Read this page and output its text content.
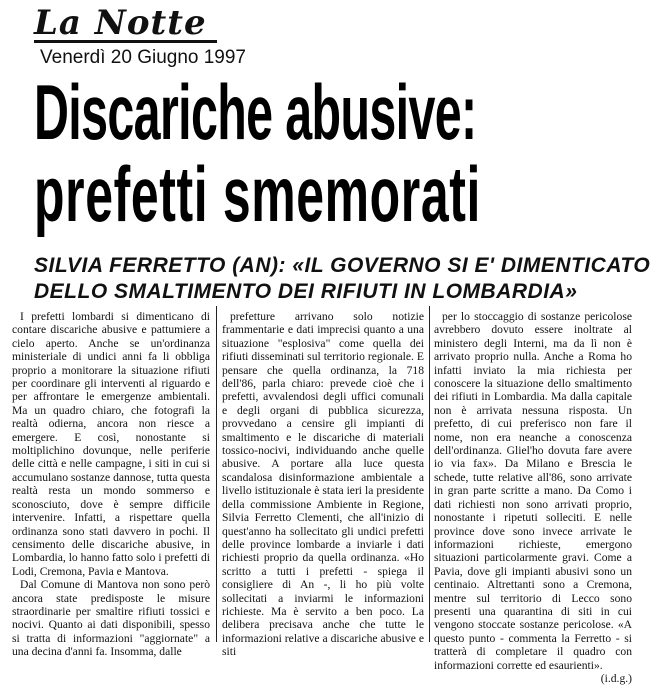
La Notte
Venerdì 20 Giugno 1997
Discariche abusive:
prefetti smemorati
SILVIA FERRETTO (AN): «IL GOVERNO SI E' DIMENTICATO
DELLO SMALTIMENTO DEI RIFIUTI IN LOMBARDIA»

I prefetti lombardi si dimenticano di contare discariche abusive e pattumiere a cielo aperto. Anche se un'ordinanza ministeriale di undici anni fa li obbliga proprio a monitorare la situazione rifiuti per coordinare gli interventi al riguardo e per affrontare le emergenze ambientali. Ma un quadro chiaro, che fotografi la realtà odierna, ancora non riesce a emergere. E così, nonostante si moltiplichino dovunque, nelle periferie delle città e nelle campagne, i siti in cui si accumulano sostanze dannose, tutta questa realtà resta un mondo sommerso e sconosciuto, dove è sempre difficile intervenire. Infatti, a rispettare quella ordinanza sono stati davvero in pochi. Il censimento delle discariche abusive, in Lombardia, lo hanno fatto solo i prefetti di Lodi, Cremona, Pavia e Mantova.

Dal Comune di Mantova non sono però ancora state predisposte le misure straordinarie per smaltire rifiuti tossici e nocivi. Quanto ai dati disponibili, spesso si tratta di informazioni "aggiornate" a una decina d'anni fa. Insomma, dalle

prefetture arrivano solo notizie frammentarie e dati imprecisi quanto a una situazione "esplosiva" come quella dei rifiuti disseminati sul territorio regionale. E pensare che quella ordinanza, la 718 dell'86, parla chiaro: prevede cioè che i prefetti, avvalendosi degli uffici comunali e degli organi di pubblica sicurezza, provvedano a censire gli impianti di smaltimento e le discariche di materiali tossico-nocivi, individuando anche quelle abusive. A portare alla luce questa scandalosa disinformazione ambientale a livello istituzionale è stata ieri la presidente della commissione Ambiente in Regione, Silvia Ferretto Clementi, che all'inizio di quest'anno ha sollecitato gli undici prefetti delle province lombarde a inviarle i dati richiesti proprio da quella ordinanza. «Ho scritto a tutti i prefetti - spiega il consigliere di An -, li ho più volte sollecitati a inviarmi le informazioni richieste. Ma è servito a ben poco. La delibera precisava anche che tutte le informazioni relative a discariche abusive e siti

per lo stoccaggio di sostanze pericolose avrebbero dovuto essere inoltrate al ministero degli Interni, ma da lì non è arrivato proprio nulla. Anche a Roma ho infatti inviato la mia richiesta per conoscere la situazione dello smaltimento dei rifiuti in Lombardia. Ma dalla capitale non è arrivata nessuna risposta. Un prefetto, di cui preferisco non fare il nome, non era neanche a conoscenza dell'ordinanza. Gliel'ho dovuta fare avere io via fax». Da Milano e Brescia le schede, tutte relative all'86, sono arrivate in gran parte scritte a mano. Da Como i dati richiesti non sono arrivati proprio, nonostante i ripetuti solleciti. E nelle province dove sono invece arrivate le informazioni richieste, emergono situazioni particolarmente gravi. Come a Pavia, dove gli impianti abusivi sono un centinaio. Altrettanti sono a Cremona, mentre sul territorio di Lecco sono presenti una quarantina di siti in cui vengono stoccate sostanze pericolose. «A questo punto - commenta la Ferretto - si tratterà di completare il quadro con informazioni corrette ed esaurienti».

(i.d.g.)
